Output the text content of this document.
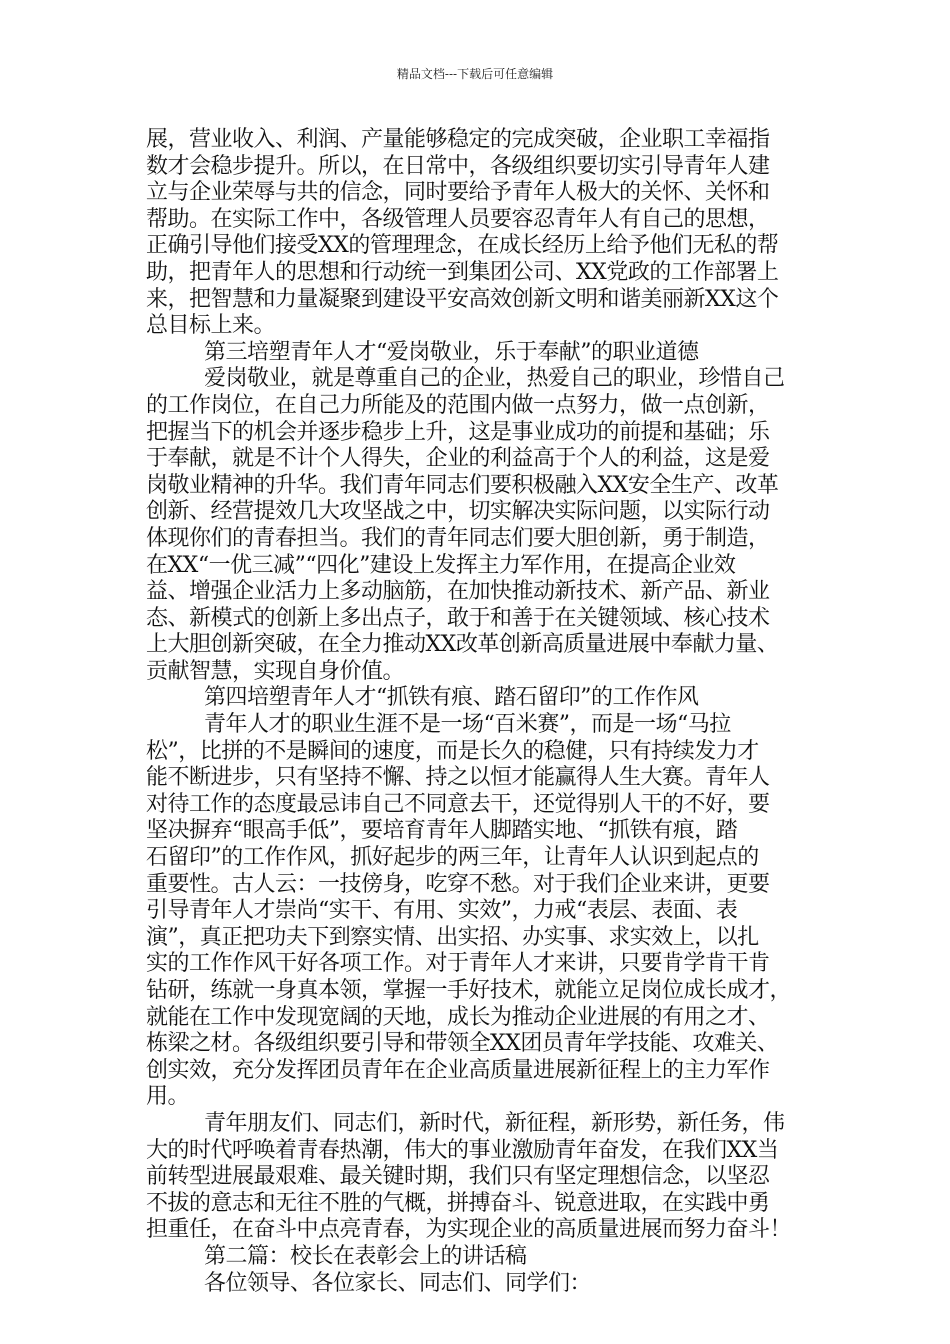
精品文档---下载后可任意编辑
展，营业收入、利润、产量能够稳定的完成突破，企业职工幸福指
数才会稳步提升。所以，在日常中，各级组织要切实引导青年人建
立与企业荣辱与共的信念，同时要给予青年人极大的关怀、关怀和
帮助。在实际工作中，各级管理人员要容忍青年人有自己的思想，
正确引导他们接受XX的管理理念，在成长经历上给予他们无私的帮
助，把青年人的思想和行动统一到集团公司、XX党政的工作部署上
来，把智慧和力量凝聚到建设平安高效创新文明和谐美丽新XX这个
总目标上来。
第三培塑青年人才“爱岗敬业，乐于奉献”的职业道德
爱岗敬业，就是尊重自己的企业，热爱自己的职业，珍惜自己
的工作岗位，在自己力所能及的范围内做一点努力，做一点创新，
把握当下的机会并逐步稳步上升，这是事业成功的前提和基础；乐
于奉献，就是不计个人得失，企业的利益高于个人的利益，这是爱
岗敬业精神的升华。我们青年同志们要积极融入XX安全生产、改革
创新、经营提效几大攻坚战之中，切实解决实际问题，以实际行动
体现你们的青春担当。我们的青年同志们要大胆创新，勇于制造，
在XX“一优三减”“四化”建设上发挥主力军作用，在提高企业效
益、增强企业活力上多动脑筋，在加快推动新技术、新产品、新业
态、新模式的创新上多出点子，敢于和善于在关键领域、核心技术
上大胆创新突破，在全力推动XX改革创新高质量进展中奉献力量、
贡献智慧，实现自身价值。
第四培塑青年人才“抓铁有痕、踏石留印”的工作作风
青年人才的职业生涯不是一场“百米赛”，而是一场“马拉
松”，比拼的不是瞬间的速度，而是长久的稳健，只有持续发力才
能不断进步，只有坚持不懈、持之以恒才能赢得人生大赛。青年人
对待工作的态度最忌讳自己不同意去干，还觉得别人干的不好，要
坚决摒弃“眼高手低”，要培育青年人脚踏实地、“抓铁有痕，踏
石留印”的工作作风，抓好起步的两三年，让青年人认识到起点的
重要性。古人云：一技傍身，吃穿不愁。对于我们企业来讲，更要
引导青年人才崇尚“实干、有用、实效”，力戒“表层、表面、表
演”，真正把功夫下到察实情、出实招、办实事、求实效上，以扎
实的工作作风干好各项工作。对于青年人才来讲，只要肯学肯干肯
钻研，练就一身真本领，掌握一手好技术，就能立足岗位成长成才，
就能在工作中发现宽阔的天地，成长为推动企业进展的有用之才、
栋梁之材。各级组织要引导和带领全XX团员青年学技能、攻难关、
创实效，充分发挥团员青年在企业高质量进展新征程上的主力军作
用。
青年朋友们、同志们，新时代，新征程，新形势，新任务，伟
大的时代呼唤着青春热潮，伟大的事业激励青年奋发，在我们XX当
前转型进展最艰难、最关键时期，我们只有坚定理想信念，以坚忍
不拔的意志和无往不胜的气概，拼搏奋斗、锐意进取，在实践中勇
担重任，在奋斗中点亮青春，为实现企业的高质量进展而努力奋斗！
第二篇：校长在表彰会上的讲话稿
各位领导、各位家长、同志们、同学们：
